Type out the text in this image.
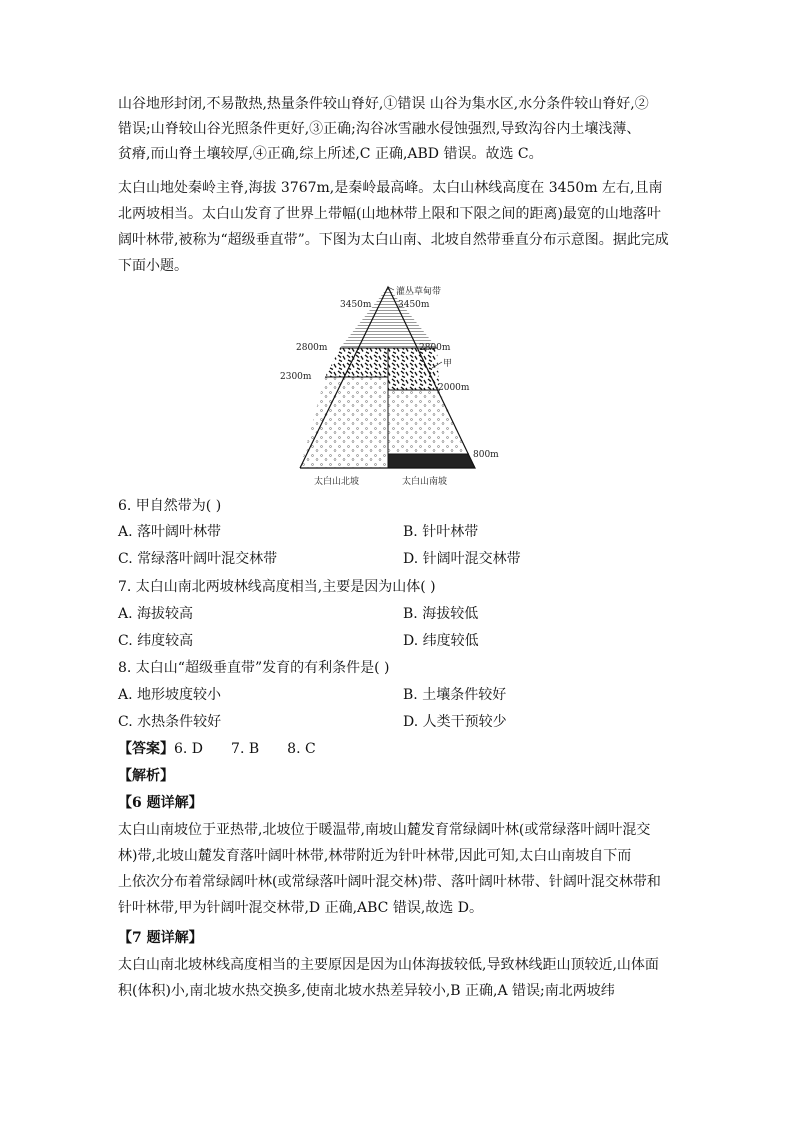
山谷地形封闭,不易散热,热量条件较山脊好,①错误 山谷为集水区,水分条件较山脊好,②
错误;山脊较山谷光照条件更好,③正确;沟谷冰雪融水侵蚀强烈,导致沟谷内土壤浅薄、
贫瘠,而山脊土壤较厚,④正确,综上所述,C 正确,ABD 错误。故选 C。
太白山地处秦岭主脊,海拔 3767m,是秦岭最高峰。太白山林线高度在 3450m 左右,且南
北两坡相当。太白山发育了世界上带幅(山地林带上限和下限之间的距离)最宽的山地落叶
阔叶林带,被称为“超级垂直带”。下图为太白山南、北坡自然带垂直分布示意图。据此完成
下面小题。
灌丛草甸带
3450m
2800m
2300m
3450m
2800m
2000m
800m
甲
太白山北坡	太白山南坡
6. 甲自然带为( )
A. 落叶阔叶林带	B. 针叶林带
C. 常绿落叶阔叶混交林带	D. 针阔叶混交林带
7. 太白山南北两坡林线高度相当,主要是因为山体( )
A. 海拔较高	B. 海拔较低
C. 纬度较高	D. 纬度较低
8. 太白山“超级垂直带”发育的有利条件是( )
A. 地形坡度较小	B. 土壤条件较好
C. 水热条件较好	D. 人类干预较少
【答案】6. D 7. B 8. C
【解析】
【6 题详解】
太白山南坡位于亚热带,北坡位于暖温带,南坡山麓发育常绿阔叶林(或常绿落叶阔叶混交
林)带,北坡山麓发育落叶阔叶林带,林带附近为针叶林带,因此可知,太白山南坡自下而
上依次分布着常绿阔叶林(或常绿落叶阔叶混交林)带、落叶阔叶林带、针阔叶混交林带和
针叶林带,甲为针阔叶混交林带,D 正确,ABC 错误,故选 D。
【7 题详解】
太白山南北坡林线高度相当的主要原因是因为山体海拔较低,导致林线距山顶较近,山体面
积(体积)小,南北坡水热交换多,使南北坡水热差异较小,B 正确,A 错误;南北两坡纬
